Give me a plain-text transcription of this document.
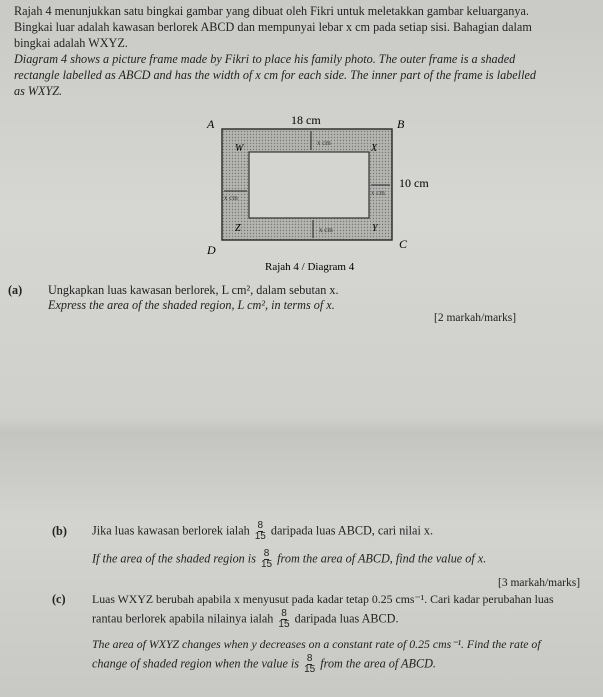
Rajah 4 menunjukkan satu bingkai gambar yang dibuat oleh Fikri untuk meletakkan gambar keluarganya.
Bingkai luar adalah kawasan berlorek ABCD dan mempunyai lebar x cm pada setiap sisi. Bahagian dalam
bingkai adalah WXYZ.
Diagram 4 shows a picture frame made by Fikri to place his family photo. The outer frame is a shaded
rectangle labelled as ABCD and has the width of x cm for each side. The inner part of the frame is labelled
as WXYZ.
A	B
C
D
W	X
Y
Z
18 cm
10 cm
x cm
x cm
x cm
x cm
Rajah 4 / Diagram 4
(a) Ungkapkan luas kawasan berlorek, L cm², dalam sebutan x.
Express the area of the shaded region, L cm², in terms of x.
[2 markah/marks]
(b) Jika luas kawasan berlorek ialah $\frac{8}{15}$ daripada luas ABCD, cari nilai x.
If the area of the shaded region is $\frac{8}{15}$ from the area of ABCD, find the value of x.
[3 markah/marks]
(c) Luas WXYZ berubah apabila x menyusut pada kadar tetap 0.25 cms⁻¹. Cari kadar perubahan luas
rantau berlorek apabila nilainya ialah $\frac{8}{15}$ daripada luas ABCD.
The area of WXYZ changes when y decreases on a constant rate of 0.25 cms⁻¹. Find the rate of
change of shaded region when the value is $\frac{8}{15}$ from the area of ABCD.
